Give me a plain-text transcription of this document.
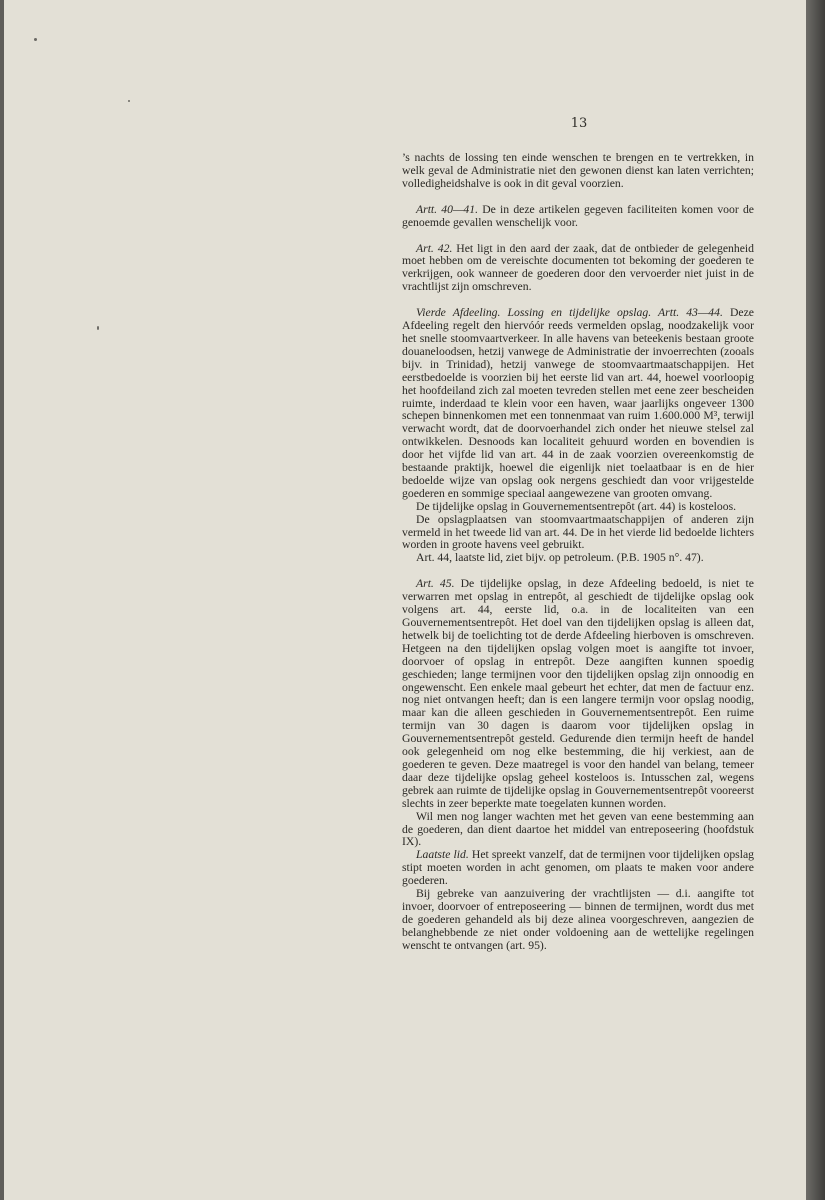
13

’s nachts de lossing ten einde wenschen te brengen en te vertrekken, in welk geval de Administratie niet den gewonen dienst kan laten verrichten; volledigheidshalve is ook in dit geval voorzien.

Artt. 40—41. De in deze artikelen gegeven faciliteiten komen voor de genoemde gevallen wenschelijk voor.

Art. 42. Het ligt in den aard der zaak, dat de ontbieder de gelegenheid moet hebben om de vereischte documenten tot bekoming der goederen te verkrijgen, ook wanneer de goederen door den vervoerder niet juist in de vrachtlijst zijn omschreven.

Vierde Afdeeling. Lossing en tijdelijke opslag. Artt. 43—44. Deze Afdeeling regelt den hiervóór reeds vermelden opslag, noodzakelijk voor het snelle stoomvaartverkeer. In alle havens van beteekenis bestaan groote douaneloodsen, hetzij vanwege de Administratie der invoerrechten (zooals bijv. in Trinidad), hetzij vanwege de stoomvaartmaatschappijen. Het eerstbedoelde is voorzien bij het eerste lid van art. 44, hoewel voorloopig het hoofdeiland zich zal moeten tevreden stellen met eene zeer bescheiden ruimte, inderdaad te klein voor een haven, waar jaarlijks ongeveer 1300 schepen binnenkomen met een tonnenmaat van ruim 1.600.000 M³, terwijl verwacht wordt, dat de doorvoerhandel zich onder het nieuwe stelsel zal ontwikkelen. Desnoods kan localiteit gehuurd worden en bovendien is door het vijfde lid van art. 44 in de zaak voorzien overeenkomstig de bestaande praktijk, hoewel die eigenlijk niet toelaatbaar is en de hier bedoelde wijze van opslag ook nergens geschiedt dan voor vrijgestelde goederen en sommige speciaal aangewezene van grooten omvang.

De tijdelijke opslag in Gouvernementsentrepôt (art. 44) is kosteloos.

De opslagplaatsen van stoomvaartmaatschappijen of anderen zijn vermeld in het tweede lid van art. 44. De in het vierde lid bedoelde lichters worden in groote havens veel gebruikt.

Art. 44, laatste lid, ziet bijv. op petroleum. (P.B. 1905 n°. 47).

Art. 45. De tijdelijke opslag, in deze Afdeeling bedoeld, is niet te verwarren met opslag in entrepôt, al geschiedt de tijdelijke opslag ook volgens art. 44, eerste lid, o.a. in de localiteiten van een Gouvernementsentrepôt. Het doel van den tijdelijken opslag is alleen dat, hetwelk bij de toelichting tot de derde Afdeeling hierboven is omschreven. Hetgeen na den tijdelijken opslag volgen moet is aangifte tot invoer, doorvoer of opslag in entrepôt. Deze aangiften kunnen spoedig geschieden; lange termijnen voor den tijdelijken opslag zijn onnoodig en ongewenscht. Een enkele maal gebeurt het echter, dat men de factuur enz. nog niet ontvangen heeft; dan is een langere termijn voor opslag noodig, maar kan die alleen geschieden in Gouvernementsentrepôt. Een ruime termijn van 30 dagen is daarom voor tijdelijken opslag in Gouvernementsentrepôt gesteld. Gedurende dien termijn heeft de handel ook gelegenheid om nog elke bestemming, die hij verkiest, aan de goederen te geven. Deze maatregel is voor den handel van belang, temeer daar deze tijdelijke opslag geheel kosteloos is. Intusschen zal, wegens gebrek aan ruimte de tijdelijke opslag in Gouvernementsentrepôt vooreerst slechts in zeer beperkte mate toegelaten kunnen worden.

Wil men nog langer wachten met het geven van eene bestemming aan de goederen, dan dient daartoe het middel van entreposeering (hoofdstuk IX).

Laatste lid. Het spreekt vanzelf, dat de termijnen voor tijdelijken opslag stipt moeten worden in acht genomen, om plaats te maken voor andere goederen.

Bij gebreke van aanzuivering der vrachtlijsten — d.i. aangifte tot invoer, doorvoer of entreposeering — binnen de termijnen, wordt dus met de goederen gehandeld als bij deze alinea voorgeschreven, aangezien de belanghebbende ze niet onder voldoening aan de wettelijke regelingen wenscht te ontvangen (art. 95).
